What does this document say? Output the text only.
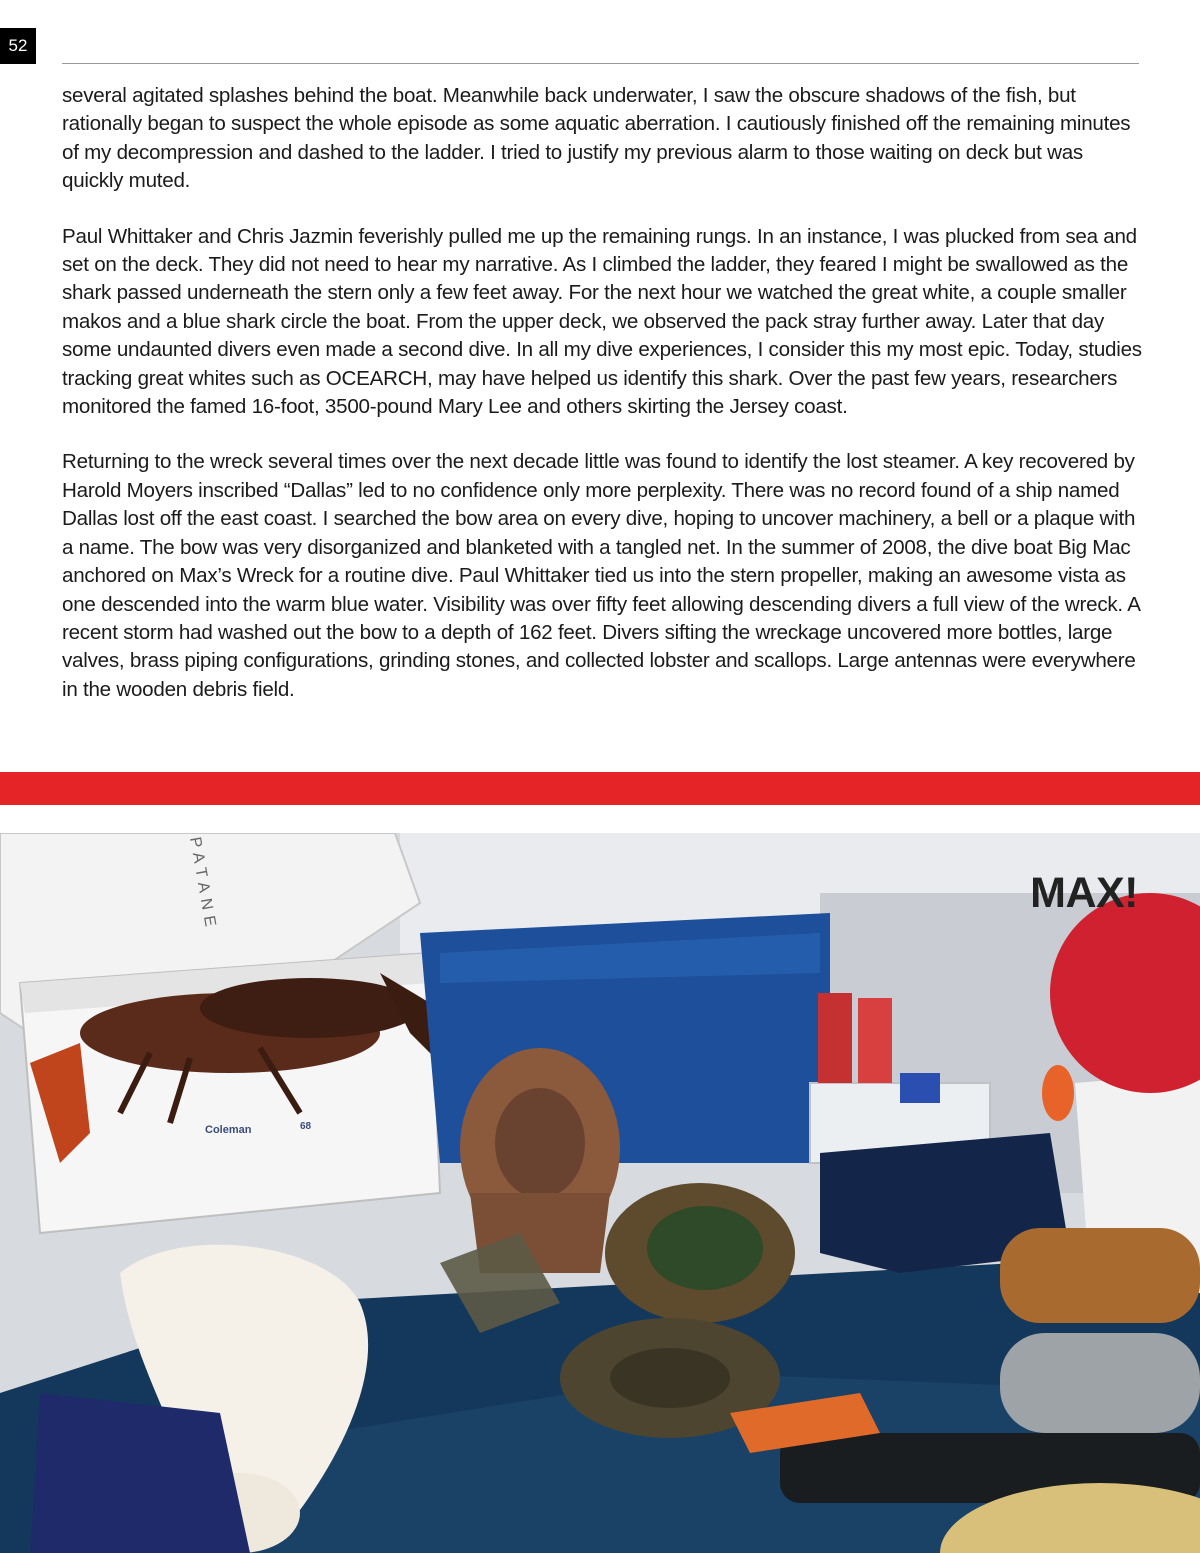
52

several agitated splashes behind the boat. Meanwhile back underwater, I saw the obscure shadows of the fish, but rationally began to suspect the whole episode as some aquatic aberration. I cautiously finished off the remaining minutes of my decompression and dashed to the ladder. I tried to justify my previous alarm to those waiting on deck but was quickly muted.

Paul Whittaker and Chris Jazmin feverishly pulled me up the remaining rungs. In an instance, I was plucked from sea and set on the deck. They did not need to hear my narrative. As I climbed the ladder, they feared I might be swallowed as the shark passed underneath the stern only a few feet away. For the next hour we watched the great white, a couple smaller makos and a blue shark circle the boat. From the upper deck, we observed the pack stray further away. Later that day some undaunted divers even made a second dive. In all my dive experiences, I consider this my most epic. Today, studies tracking great whites such as OCEARCH, may have helped us identify this shark. Over the past few years, researchers monitored the famed 16-foot, 3500-pound Mary Lee and others skirting the Jersey coast.

Returning to the wreck several times over the next decade little was found to identify the lost steamer. A key recovered by Harold Moyers inscribed “Dallas” led to no confidence only more perplexity. There was no record found of a ship named Dallas lost off the east coast. I searched the bow area on every dive, hoping to uncover machinery, a bell or a plaque with a name. The bow was very disorganized and blanketed with a tangled net. In the summer of 2008, the dive boat Big Mac anchored on Max’s Wreck for a routine dive. Paul Whittaker tied us into the stern propeller, making an awesome vista as one descended into the warm blue water. Visibility was over fifty feet allowing descending divers a full view of the wreck. A recent storm had washed out the bow to a depth of 162 feet. Divers sifting the wreckage uncovered more bottles, large valves, brass piping configurations, grinding stones, and collected lobster and scallops. Large antennas were everywhere in the wooden debris field.

Coleman	68
PATANE	MAX!
